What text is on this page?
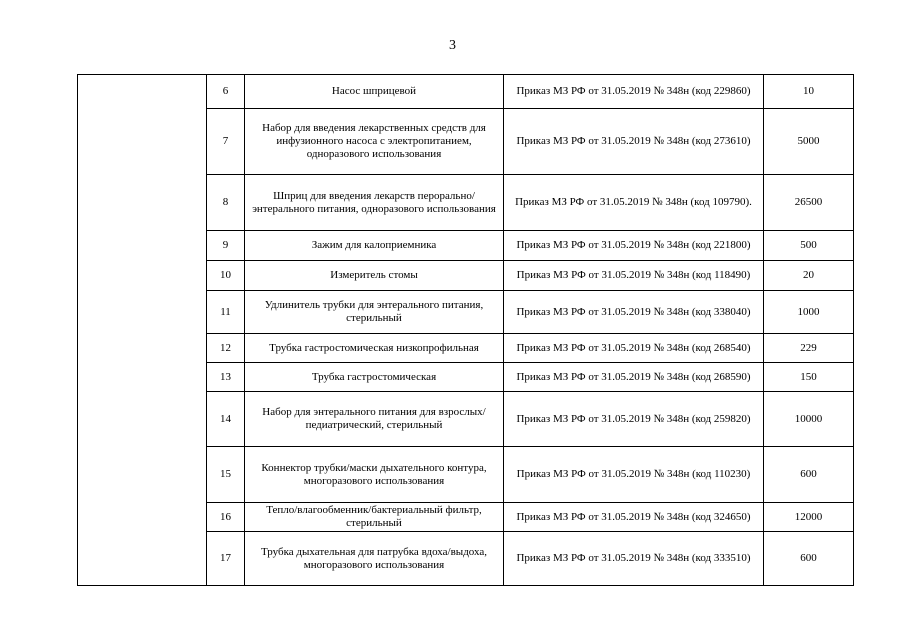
3
	6	Насос шприцевой	Приказ МЗ РФ от 31.05.2019 № 348н (код 229860)	10
	7	Набор для введения лекарственных средств для инфузионного насоса с электропитанием, одноразового использования	Приказ МЗ РФ от 31.05.2019 № 348н (код 273610)	5000
	8	Шприц для введения лекарств перорально/энтерального питания, одноразового использования	Приказ МЗ РФ от 31.05.2019 № 348н (код 109790).	26500
	9	Зажим для калоприемника	Приказ МЗ РФ от 31.05.2019 № 348н (код 221800)	500
	10	Измеритель стомы	Приказ МЗ РФ от 31.05.2019 № 348н (код 118490)	20
	11	Удлинитель трубки для энтерального питания, стерильный	Приказ МЗ РФ от 31.05.2019 № 348н (код 338040)	1000
	12	Трубка гастростомическая низкопрофильная	Приказ МЗ РФ от 31.05.2019 № 348н (код 268540)	229
	13	Трубка гастростомическая	Приказ МЗ РФ от 31.05.2019 № 348н (код 268590)	150
	14	Набор для энтерального питания для взрослых/педиатрический, стерильный	Приказ МЗ РФ от 31.05.2019 № 348н (код 259820)	10000
	15	Коннектор трубки/маски дыхательного контура, многоразового использования	Приказ МЗ РФ от 31.05.2019 № 348н (код 110230)	600
	16	Тепло/влагообменник/бактериальный фильтр, стерильный	Приказ МЗ РФ от 31.05.2019 № 348н (код 324650)	12000
	17	Трубка дыхательная для патрубка вдоха/выдоха, многоразового использования	Приказ МЗ РФ от 31.05.2019 № 348н (код 333510)	600
